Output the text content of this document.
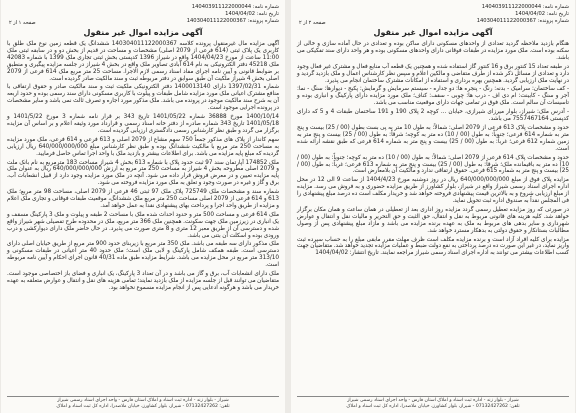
شماره نامه: 140403911122000044
تاریخ نامه: 1404/04/02
شماره پرونده: 140304011122000367
صفحه ۱ از ۲
آگهی مزایده اموال غیر منقول

آگهی مزایده مال غیرمنقول پرونده کلاسه 140304011122000367 ششدانگ یک قطعه زمین نوع ملک طلق با کاربری یک پلاک ثبتی (614 فرعی از 2079 اصلی) مشخصات و مساحت در قدیم از بخش دو و در سابقه ثبتی ملک 11:00 ساعت از مورخ 1404/04/23 واقع در شیراز 1396 کدپستی بخش ثبتی تجاری ملک 1399 با شماره 42083 ملک 45218 دفتر الکترونیکی به نام 614 آبادی تصاویر ملک واقع در بخش 4 شیراز در جلسه مزایده پیگیری و منطبق بر ضوابط قانونی و آیین نامه اجرای مفاد اسناد رسمی لازم الاجرا. مساحت 25 متر مربع ملک 614 فرعی از 2079 اصلی بخش 4 شیراز ملکیت آن طبق سوابق در دفتر مربوطه ثبت و سند مالکیت صادر گردیده است.

شماره 1397/02/31 دارای 1400013140 دفتر الکترونیکی ملکیت ثبت و سند مالکیت صادر و حقوق ارتفاقی با منافع مشترک اعیانی ملک مورد مزایده شامل طبقات و پیلوت با کاربری مسکونی دارای سند رسمی بوده و حدود اربعه آن به شرح سند مالکیت موجود در پرونده می باشد. ملک مذکور مورد اجاره و تصرف ثالث نمی باشد و سایر مشخصات در پرونده اجرایی موجود است.

1400/10/14 مورخ 36888 شماره 1401/05/22 تاریخ 343 بر قرار نامه شماره 3 مورخ 1401/5/22 و 1401/05/18 تاریخ 343 شماره صادره از دفتر خانه اسناد رسمی و قرارداد مورد وثیقه اعلام و بر اساس آن مزایده برگزار می گردد و طبق نظر کارشناس رسمی دادگستری ارزیابی گردیده است.

سهم کاندار از پلاک های مذکور جمعاً 750 سهم مشاع از 2079 اصلی و 613 فرعی و 614 فرعی، ملک مورد مزایده به مساحت 250 متر مربع با مالکیت ششدانگ بوده و طبق نظر کارشناس مبلغ 640/000/000/000 ریال ارزیابی گردیده که مبلغ پایه مزایده می باشد. برای اطلاعات بیشتر و بازدید ملک با واحد اجرا تماس حاصل فرمایید.

ملک 174852 آپارتمان سند 97 ثبت حدود پلاک با شماره 613 بخش 4 شیراز مساحت 183 مترمربع به نام بانک ملت و 2079 اصلی مطروحه بخش 4 شیراز به مساحت 250 متر مربع به ارزش 640/000/000/000 ریال به عنوان ملک پایه مزایده تعیین و در معرض فروش قرار داده می شود. آنچه در ملک مورد مزایده وجود دارد از قبیل انشعابات آب، برق و گاز و غیره در صورت وجود و تعلق به ملک مورد مزایده فروخته می شود.

شماره سند و مشخصات ملک 725749 پلاک ملک 97 ثبتی 46 فرعی از 2079 اصلی، مساحت 98 متر مربع؛ ملک 613 و 614 فرعی از 2079 اصلی مساحت 250 متر مربع ملک ششدانگ، موقعیت طبقات فوقانی و تجاری ملک اعلام و مزایده از طریق واحد اجرا و پرداخت بهای پیشنهادی نقداً به عمل خواهد آمد.

ملک 614 فرعی و مساحت 500 متر و حدود احداث شده ملک با مساحت 2 طبقه و پیلوت و ملک 3 پارکینگ مسقف و یک انباری در زیرزمین ملک جهت سکونت. همچنین ملک 366 متر مربع، ملک در محدوده طرح تفصیلی شهر شیراز واقع شده و دسترسی آن از طریق معبر 12 متری و 8 متری صورت می پذیرد. در حال حاضر ملک دارای دیوارکشی و درب ورودی بوده و اسکلت آن بتنی می باشد.

ملک مذکور دارای سه طبقه می باشد. ملک 350 متر مربع با زیربنای حدود 900 متر مربع از طریق خیابان اصلی دارای دسترسی است. طبقه همکف شامل پارکینگ و لابی ملک است؛ ملک حدود 40 متر اعیانی در طبقات مسکونی و 313/10 متر مربع در محل مزایده می باشد. شرایط مزایده طبق ماده 40/31 قانون اجرای احکام و آیین نامه مربوطه است.

ملک دارای انشعابات آب، برق و گاز می باشد و در آن تعداد 3 پارکینگ، یک انباری و فضای باز اختصاصی موجود است. متقاضیان می توانند قبل از جلسه مزایده از ملک بازدید نمایند؛ تمامی هزینه های نقل و انتقال و عوارض متعلقه به عهده خریدار می باشد و هرگونه ادعایی پس از انجام مزایده مسموع نخواهد بود.

شیراز - بلوار زند - اداره ثبت اسناد و املاک استان فارس - واحد اجرای اسناد رسمی شیراز
تلفن: 07132427262 - شیراز، بلوار کشاورز، خیابان ملاصدرا، اداره کل ثبت اسناد و املاک
شماره نامه: 140403911122000044
تاریخ نامه: 1404/04/02
شماره پرونده: 140304011122000367
صفحه ۲ از ۲
آگهی مزایده اموال غیر منقول

هنگام بازدید ملاحظه گردید تعدادی از واحدهای مسکونی دارای ساکن بوده و تعدادی در حال آماده سازی و خالی از سکنه بوده است. ملک مورد مزایده در طبقات فوقانی دارای واحدهای مسکونی بوده و هر واحد دارای سند تفکیکی می باشد.

در طبقه تعداد 15 کنتور برق و 16 کنتور گاز استفاده شده و همچنین یک قطعه آب منابع فعال و مشترک غیر فعال وجود دارد و تعدادی از مسائل ذکر شده از طرف متقاضی و مالکین اعلام و سپس نظر کارشناس اعمال و ملک بازدید گردید و در نهایت ملک ارزیابی گردید. همچنین بهره برداری و استفاده از امکانات مشترک ساختمان انجام می پذیرد.

- کف ساختمان: سرامیک - بدنه: رنگ - پنجره ها: دو جداره - سیستم سرمایش و گرمایش: پکیج - دیوارها: سنگ - نما: آجر و سنگ - کابینت: ام دی اف - درب ها: چوبی - سقف: کناف؛ ملک مورد مزایده دارای پارکینگ و انباری بوده و تاسیسات آن سالم است. ملک فوق در تمامی جهات دارای موقعیت مناسب می باشد.

- آدرس ملک: شیراز، بلوار میرزای شیرازی، خیابان ... کوچه 2 پلاک 190 و 191 ساختمان طبقات 4 و 5 که دارای کدپستی 7557467164 می باشد.

حدود و مشخصات پلاک 613 فرعی از 2079 اصلی: شمالاً: به طول 10 متر به پی بست بطول (00 / 25) بیست و پنج متر به شماره 614 فرعی؛ جنوباً: به طول (00 / 10) ده متر به کوچه؛ شرقاً: به طول (00 / 25) بیست و پنج متر به زمین شماره 612 فرعی؛ غرباً: به طول (00 / 25) بیست و پنج متر به شماره 614 فرعی که طبق نقشه ارائه شده است.

حدود و مشخصات پلاک 614 فرعی از 2079 اصلی: شمالاً: به طول (00 / 10) ده متر به کوچه؛ جنوباً: به طول (00 / 10) ده متر به باقیمانده ملک؛ شرقاً: به طول (00 / 25) بیست و پنج متر به شماره 613 فرعی؛ غرباً: به طول (00 / 25) بیست و پنج متر به شماره 615 فرعی. حقوق ارتفاقی ندارد و مالکیت آن بلامعارض است.

مزایده پلاک فوق از مبلغ 640/000/000/000 ریال در روز دوشنبه مورخ 1404/4/23 از ساعت 9 الی 12 در محل اداره اجرای اسناد رسمی شیراز واقع در شیراز، بلوار کشاورز از طریق مزایده حضوری و به فروش می رسد. مزایده از مبلغ ارزیابی شروع و به بالاترین قیمت پیشنهادی فروخته خواهد شد و خریدار مکلف است ده درصد مبلغ پیشنهادی را فی المجلس نقداً به صندوق اداره ثبت تحویل نماید.

در صورتی که روز مزایده تعطیل رسمی گردد مزایده روز اداری بعد از تعطیلی در همان ساعت و همان مکان برگزار خواهد شد. کلیه هزینه های قانونی مربوط به نقل و انتقال، حق الثبت و حق التحریر و مالیات نقل و انتقال و عوارض شهرداری و سایر بدهی های مربوط به ملک به عهده برنده مزایده می باشد و مازاد مبلغ پیشنهادی پس از وصول مطالبات بستانکار و حقوق دولتی به بدهکار مسترد خواهد شد.

مزایده برای کلیه افراد آزاد است و برنده مزایده مکلف است ظرف مهلت مقرر مابقی مبلغ را به حساب سپرده ثبت واریز نماید، در غیر این صورت ده درصد پرداختی به نفع دولت ضبط و عملیات مزایده تجدید خواهد شد. متقاضیان جهت کسب اطلاعات بیشتر می توانند به اداره اجرای اسناد رسمی شیراز مراجعه نمایند. تاریخ انتشار: 1404/04/02

شیراز - بلوار زند - اداره ثبت اسناد و املاک استان فارس - واحد اجرای اسناد رسمی شیراز
تلفن: 07132427262 - شیراز، بلوار کشاورز، خیابان ملاصدرا، اداره کل ثبت اسناد و املاک
